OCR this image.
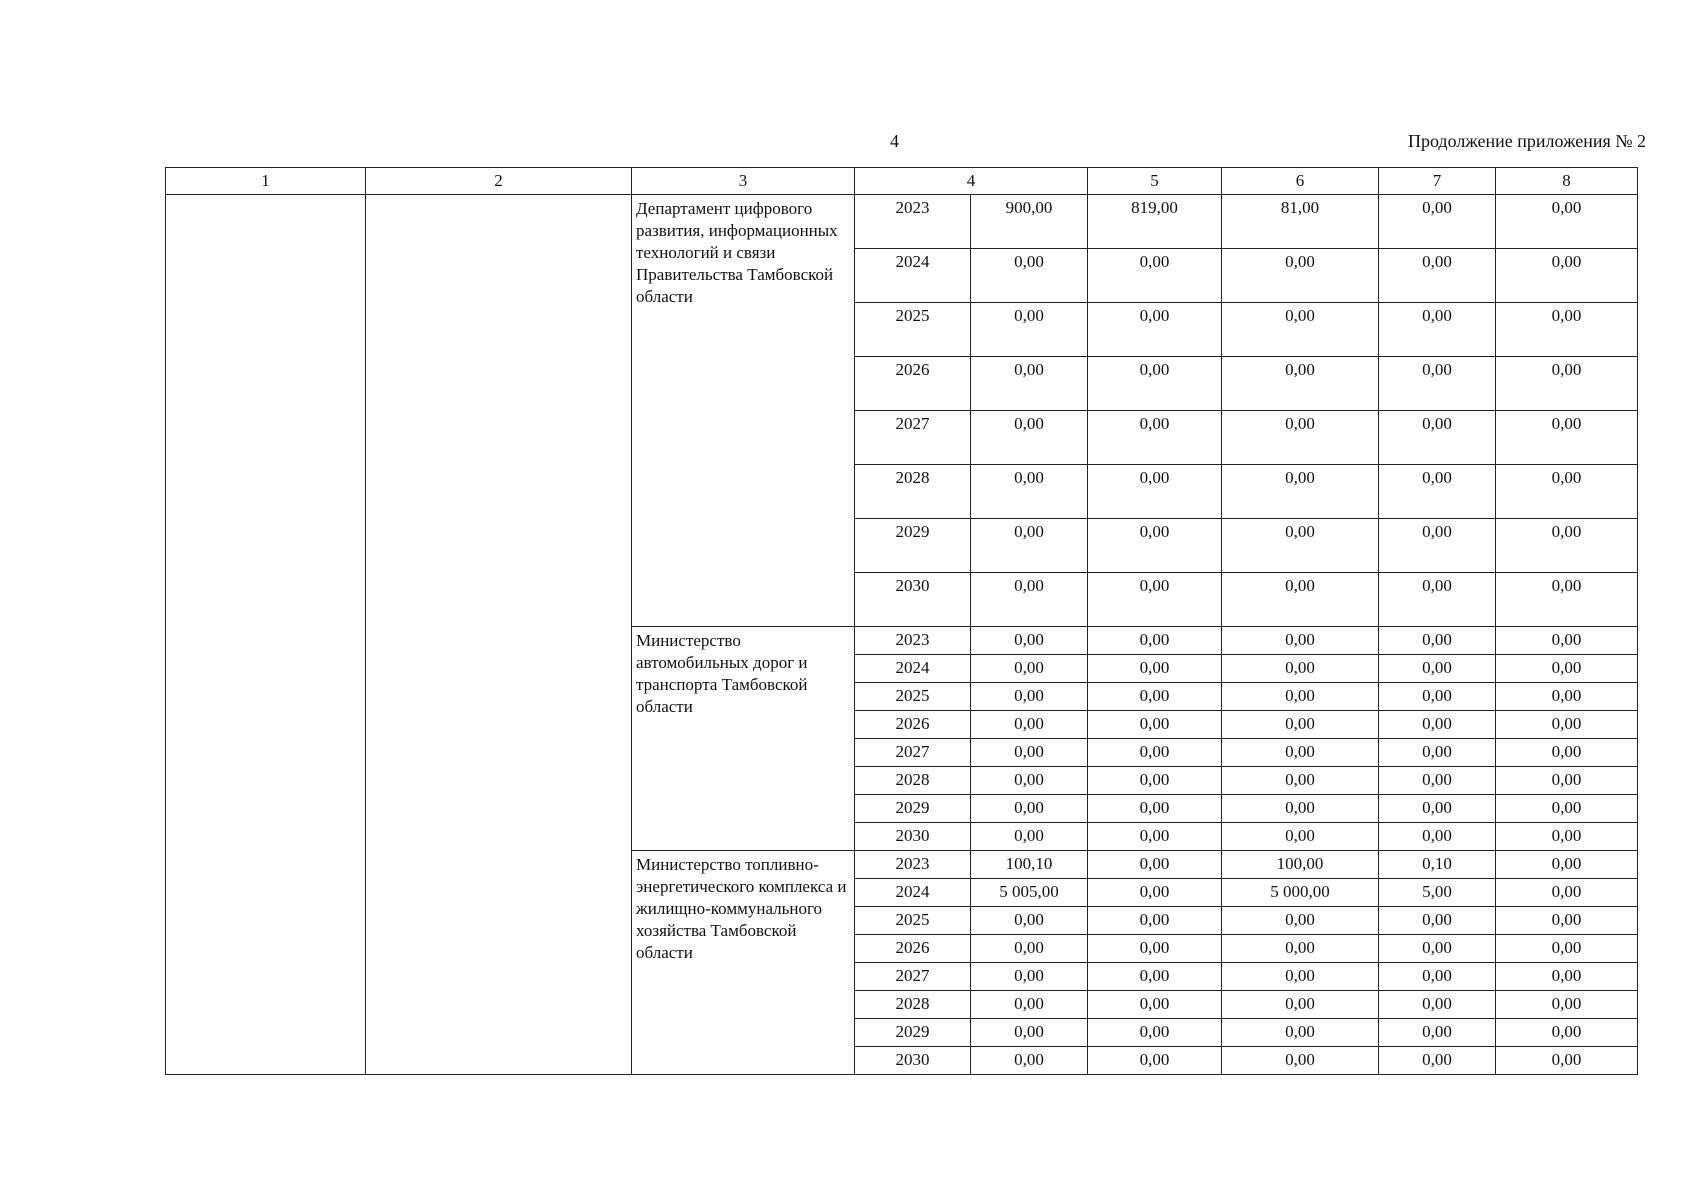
4	Продолжение приложения № 2
1	2	3	4		5	6	7	8
		Департамент цифрового развития, информационных технологий и связи Правительства Тамбовской области	2023	900,00	819,00	81,00	0,00	0,00
			2024	0,00	0,00	0,00	0,00	0,00
			2025	0,00	0,00	0,00	0,00	0,00
			2026	0,00	0,00	0,00	0,00	0,00
			2027	0,00	0,00	0,00	0,00	0,00
			2028	0,00	0,00	0,00	0,00	0,00
			2029	0,00	0,00	0,00	0,00	0,00
			2030	0,00	0,00	0,00	0,00	0,00
		Министерство автомобильных дорог и транспорта Тамбовской области	2023	0,00	0,00	0,00	0,00	0,00
			2024	0,00	0,00	0,00	0,00	0,00
			2025	0,00	0,00	0,00	0,00	0,00
			2026	0,00	0,00	0,00	0,00	0,00
			2027	0,00	0,00	0,00	0,00	0,00
			2028	0,00	0,00	0,00	0,00	0,00
			2029	0,00	0,00	0,00	0,00	0,00
			2030	0,00	0,00	0,00	0,00	0,00
		Министерство топливно-энергетического комплекса и жилищно-коммунального хозяйства Тамбовской области	2023	100,10	0,00	100,00	0,10	0,00
			2024	5 005,00	0,00	5 000,00	5,00	0,00
			2025	0,00	0,00	0,00	0,00	0,00
			2026	0,00	0,00	0,00	0,00	0,00
			2027	0,00	0,00	0,00	0,00	0,00
			2028	0,00	0,00	0,00	0,00	0,00
			2029	0,00	0,00	0,00	0,00	0,00
			2030	0,00	0,00	0,00	0,00	0,00
